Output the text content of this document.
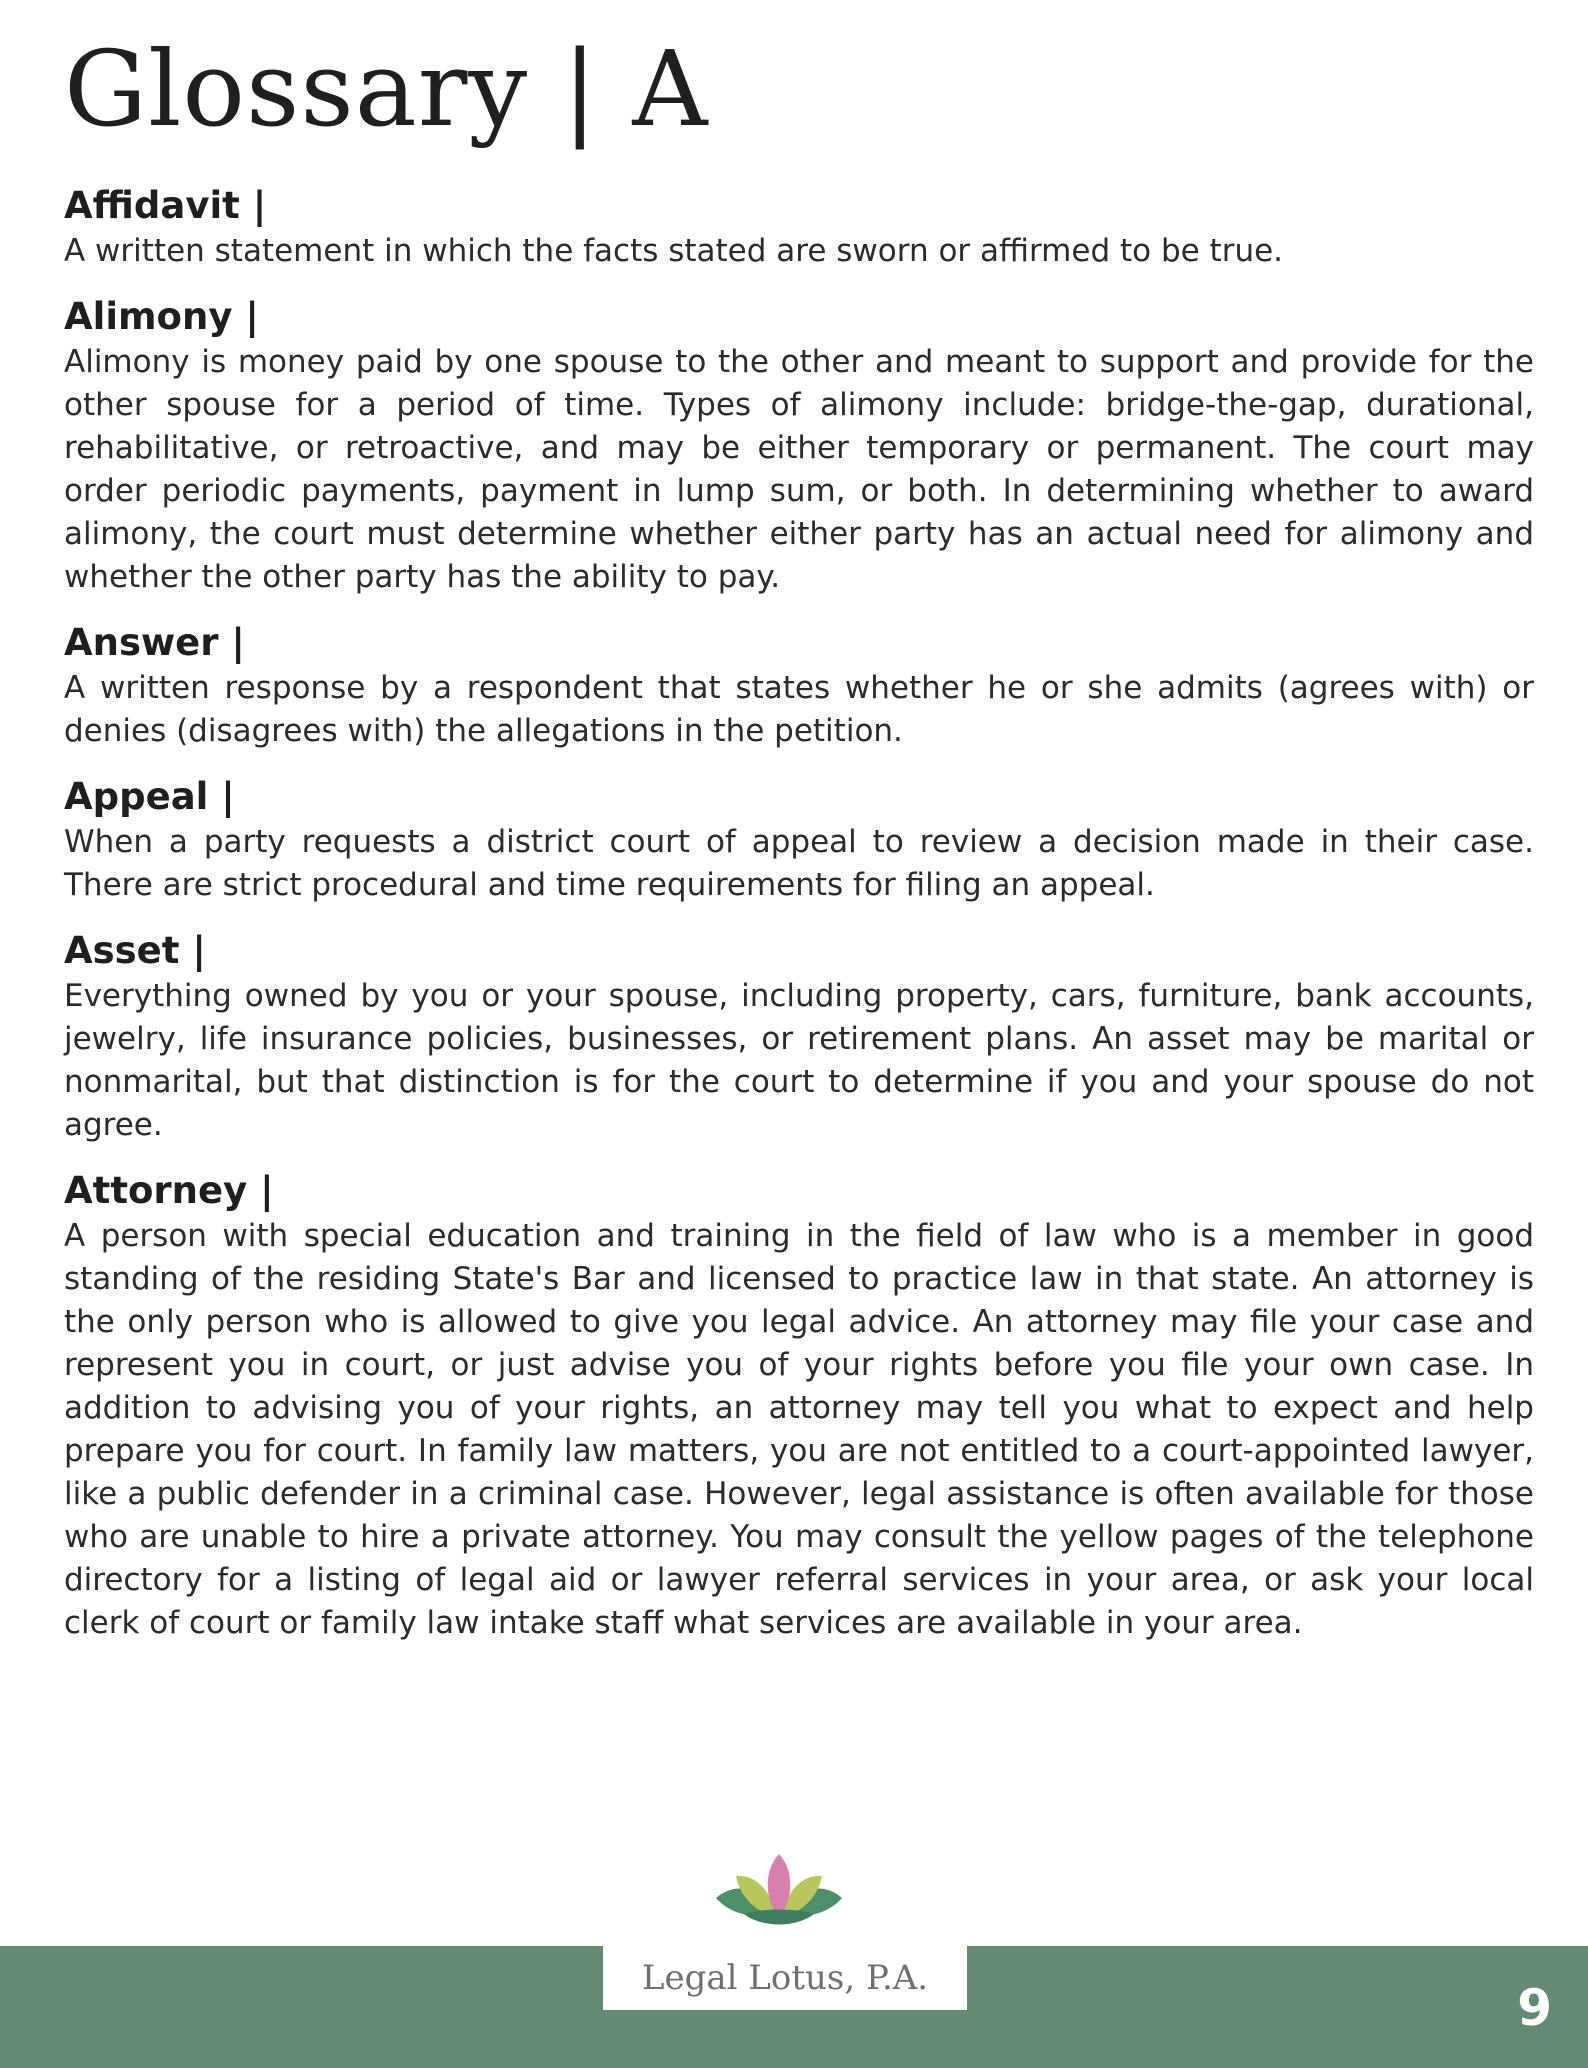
Glossary | A

Affidavit |

A written statement in which the facts stated are sworn or affirmed to be true.

Alimony |

Alimony is money paid by one spouse to the other and meant to support and provide for the other spouse for a period of time. Types of alimony include: bridge-the-gap, durational, rehabilitative, or retroactive, and may be either temporary or permanent. The court may order periodic payments, payment in lump sum, or both. In determining whether to award alimony, the court must determine whether either party has an actual need for alimony and whether the other party has the ability to pay.

Answer |

A written response by a respondent that states whether he or she admits (agrees with) or denies (disagrees with) the allegations in the petition.

Appeal |

When a party requests a district court of appeal to review a decision made in their case. There are strict procedural and time requirements for filing an appeal.

Asset |

Everything owned by you or your spouse, including property, cars, furniture, bank accounts, jewelry, life insurance policies, businesses, or retirement plans. An asset may be marital or nonmarital, but that distinction is for the court to determine if you and your spouse do not agree.

Attorney |

A person with special education and training in the field of law who is a member in good standing of the residing State's Bar and licensed to practice law in that state. An attorney is the only person who is allowed to give you legal advice. An attorney may file your case and represent you in court, or just advise you of your rights before you file your own case. In addition to advising you of your rights, an attorney may tell you what to expect and help prepare you for court. In family law matters, you are not entitled to a court-appointed lawyer, like a public defender in a criminal case. However, legal assistance is often available for those who are unable to hire a private attorney. You may consult the yellow pages of the telephone directory for a listing of legal aid or lawyer referral services in your area, or ask your local clerk of court or family law intake staff what services are available in your area.

Legal Lotus, P.A.
9
